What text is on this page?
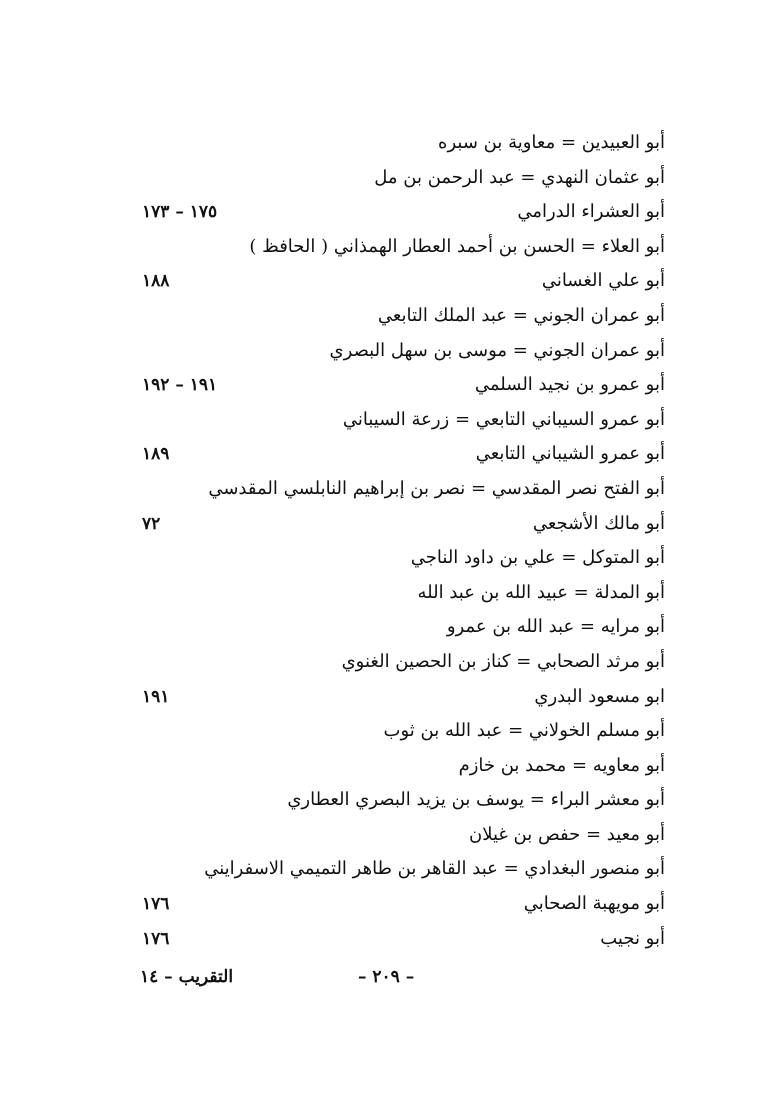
أبو العبيدين = معاوية بن سبره
أبو عثمان النهدي = عبد الرحمن بن مل
أبو العشراء الدرامي
١٧٥ – ١٧٣
أبو العلاء = الحسن بن أحمد العطار الهمذاني ( الحافظ )
أبو علي الغساني
١٨٨
أبو عمران الجوني = عبد الملك التابعي
أبو عمران الجوني = موسى بن سهل البصري
أبو عمرو بن نجيد السلمي
١٩١ – ١٩٢
أبو عمرو السيباني التابعي = زرعة السيباني
أبو عمرو الشيباني التابعي
١٨٩
أبو الفتح نصر المقدسي = نصر بن إبراهيم النابلسي المقدسي
أبو مالك الأشجعي
٧٢
أبو المتوكل = علي بن داود الناجي
أبو المدلة = عبيد الله بن عبد الله
أبو مرايه = عبد الله بن عمرو
أبو مرثد الصحابي = كناز بن الحصين الغنوي
ابو مسعود البدري
١٩١
أبو مسلم الخولاني = عبد الله بن ثوب
أبو معاويه = محمد بن خازم
أبو معشر البراء = يوسف بن يزيد البصري العطاري
أبو معيد = حفص بن غيلان
أبو منصور البغدادي = عبد القاهر بن طاهر التميمي الاسفرايني
أبو مويهبة الصحابي
١٧٦
أبو نجيب
١٧٦
– ٢٠٩ –
التقريب – ١٤
